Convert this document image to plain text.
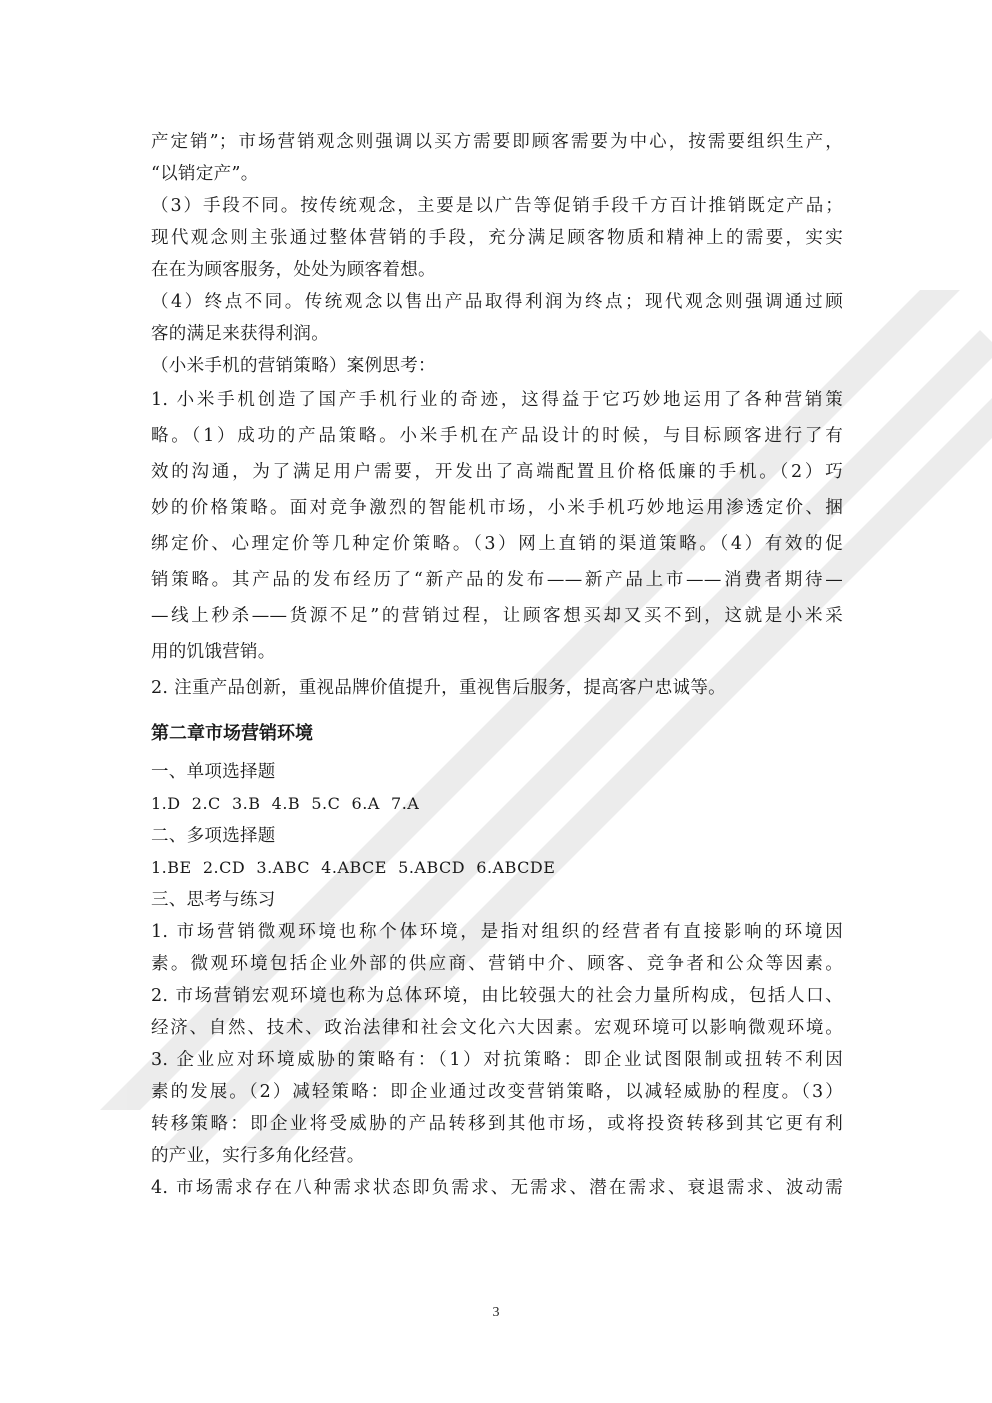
产定销”；市场营销观念则强调以买方需要即顾客需要为中心，按需要组织生产，
“以销定产”。
（3）手段不同。按传统观念，主要是以广告等促销手段千方百计推销既定产品；
现代观念则主张通过整体营销的手段，充分满足顾客物质和精神上的需要，实实
在在为顾客服务，处处为顾客着想。
（4）终点不同。传统观念以售出产品取得利润为终点；现代观念则强调通过顾
客的满足来获得利润。
（小米手机的营销策略）案例思考：
1. 小米手机创造了国产手机行业的奇迹，这得益于它巧妙地运用了各种营销策
略。（1）成功的产品策略。小米手机在产品设计的时候，与目标顾客进行了有
效的沟通，为了满足用户需要，开发出了高端配置且价格低廉的手机。（2）巧
妙的价格策略。面对竞争激烈的智能机市场，小米手机巧妙地运用渗透定价、捆
绑定价、心理定价等几种定价策略。（3）网上直销的渠道策略。（4）有效的促
销策略。其产品的发布经历了“新产品的发布——新产品上市——消费者期待—
—线上秒杀——货源不足”的营销过程，让顾客想买却又买不到，这就是小米采
用的饥饿营销。
2. 注重产品创新，重视品牌价值提升，重视售后服务，提高客户忠诚等。
第二章市场营销环境
一、单项选择题
1.D  2.C  3.B  4.B  5.C  6.A  7.A
二、多项选择题
1.BE  2.CD  3.ABC  4.ABCE  5.ABCD  6.ABCDE
三、思考与练习
1. 市场营销微观环境也称个体环境，是指对组织的经营者有直接影响的环境因
素。微观环境包括企业外部的供应商、营销中介、顾客、竞争者和公众等因素。
2. 市场营销宏观环境也称为总体环境，由比较强大的社会力量所构成，包括人口、
经济、自然、技术、政治法律和社会文化六大因素。宏观环境可以影响微观环境。
3. 企业应对环境威胁的策略有：（1）对抗策略：即企业试图限制或扭转不利因
素的发展。（2）减轻策略：即企业通过改变营销策略，以减轻威胁的程度。（3）
转移策略：即企业将受威胁的产品转移到其他市场，或将投资转移到其它更有利
的产业，实行多角化经营。
4. 市场需求存在八种需求状态即负需求、无需求、潜在需求、衰退需求、波动需
3
